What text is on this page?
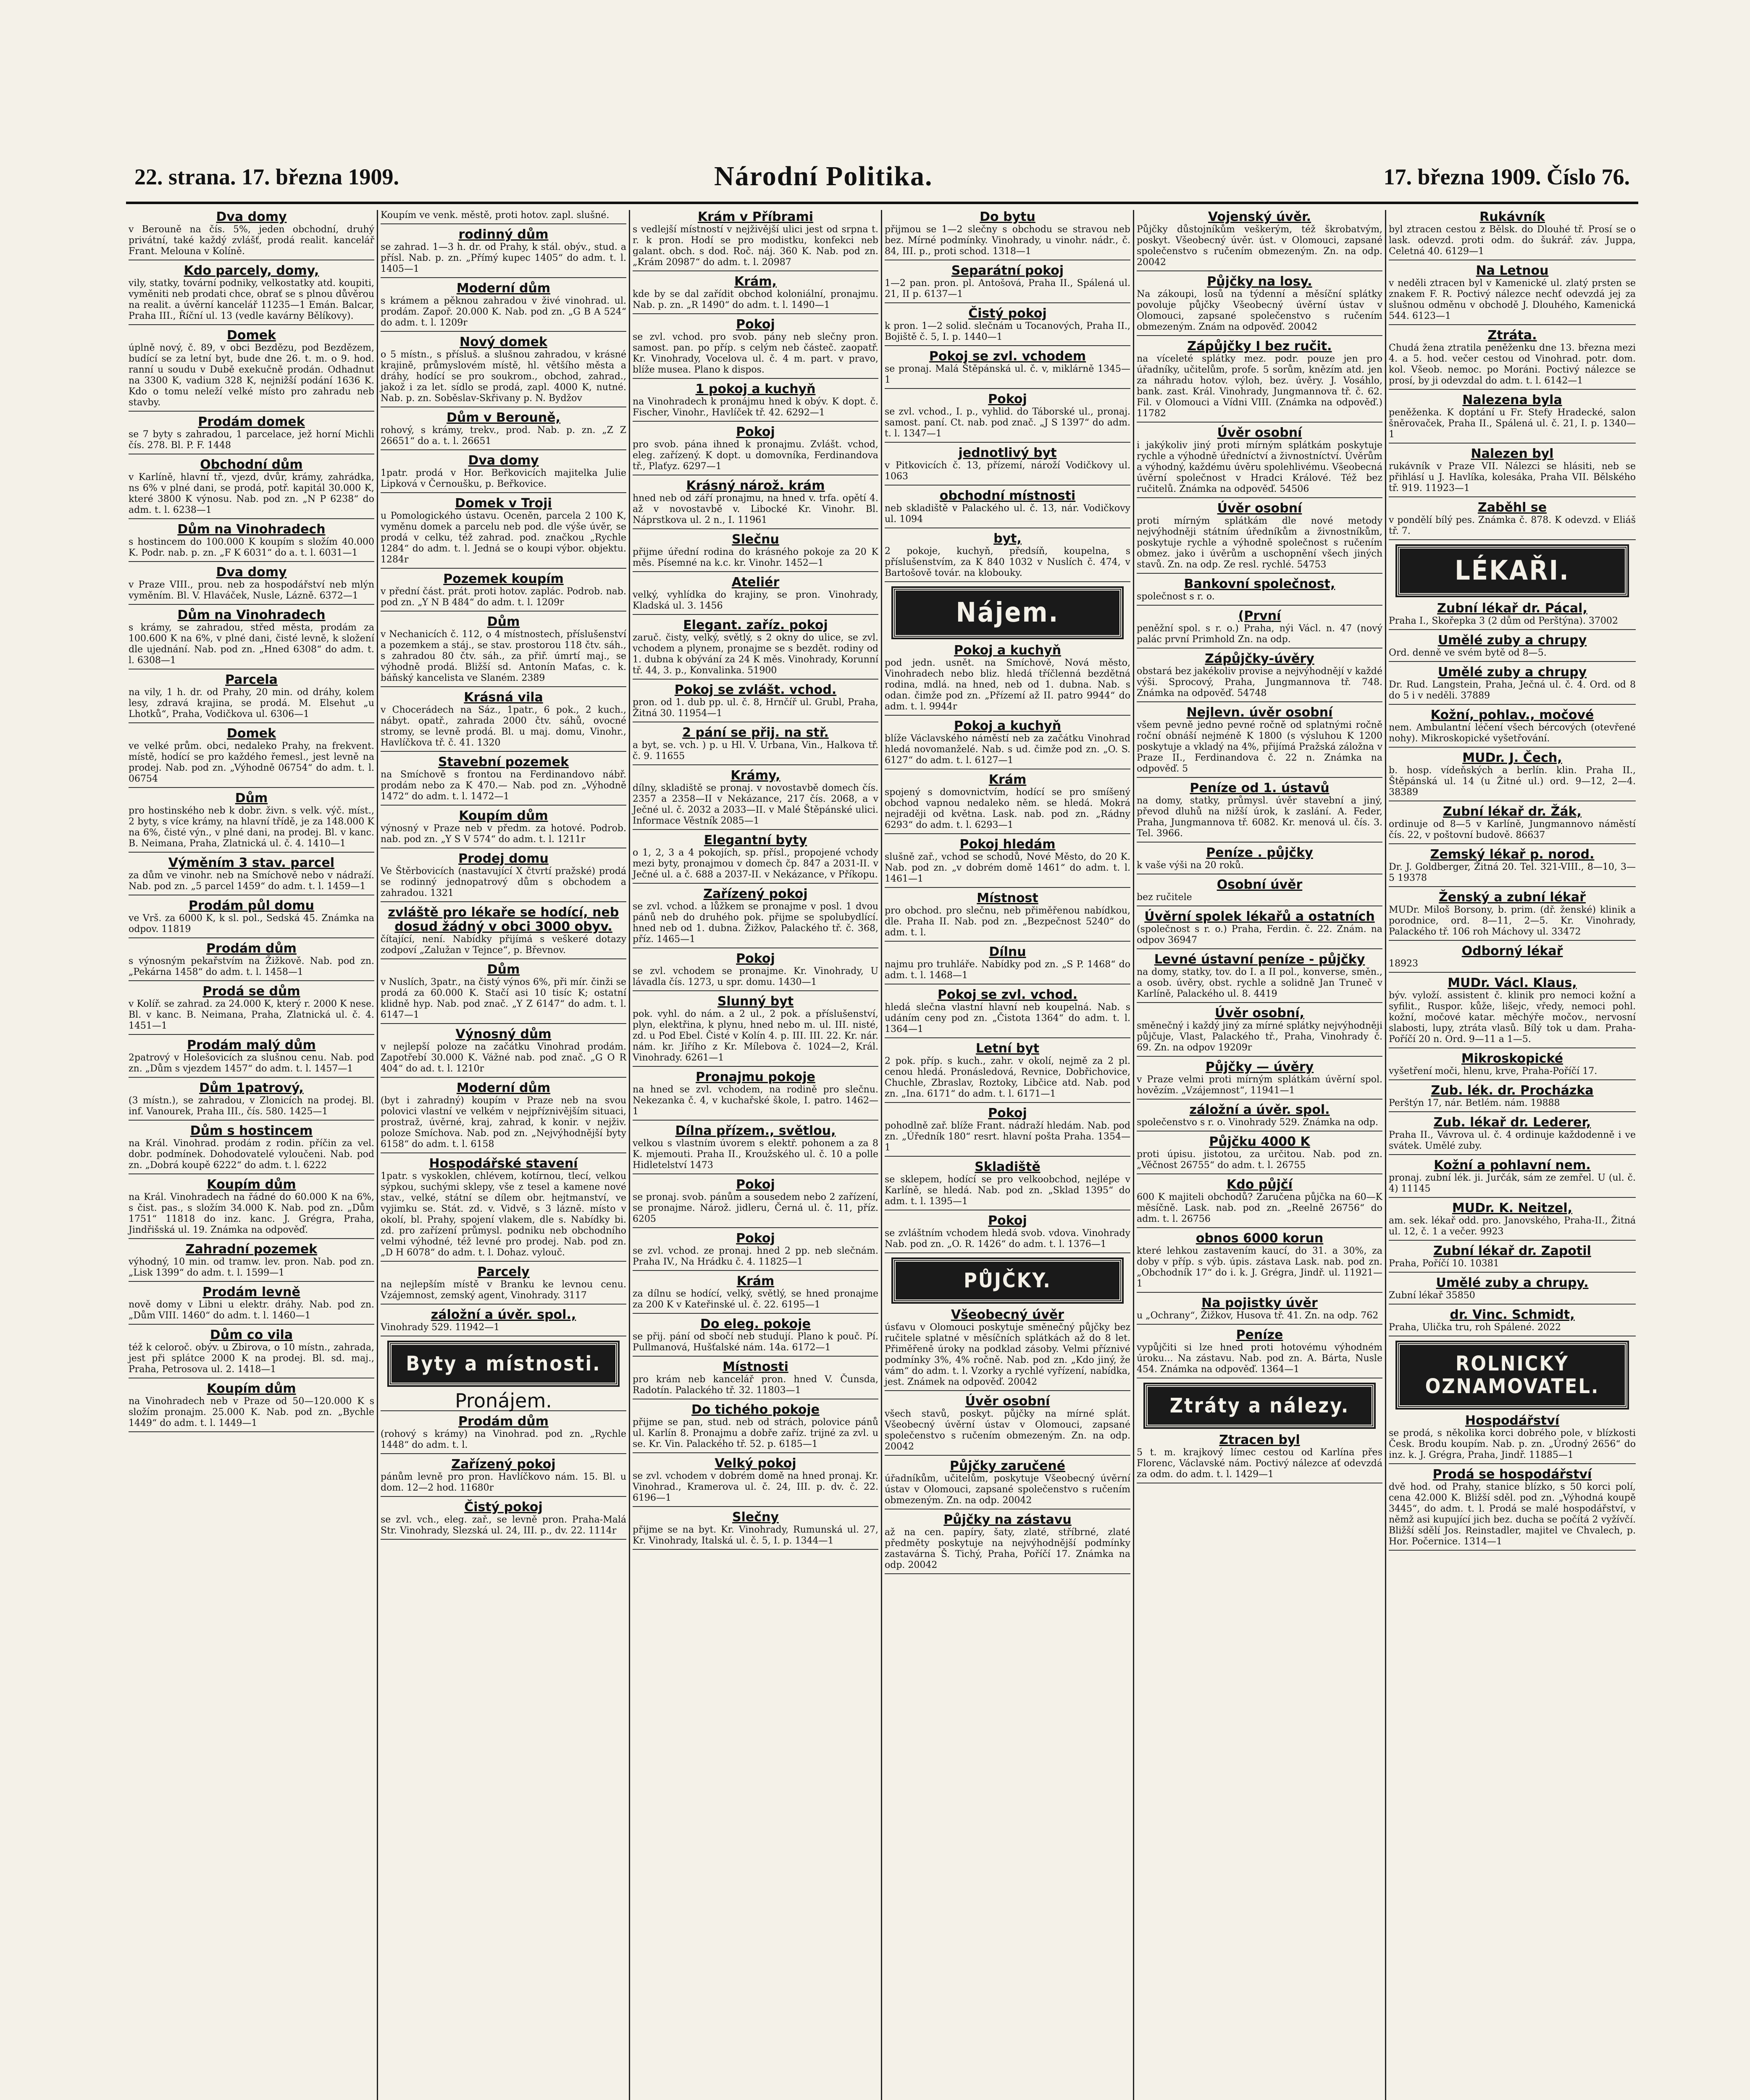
22. strana. 17. března 1909.	Národní Politika.	17. března 1909. Číslo 76.
Dva domy
v Berouně na čís. 5%, jeden obchodní, druhý privátní, také každý zvlášť, prodá realit. kancelář Frant. Melouna v Kolíně.
Kdo parcely, domy,
vily, statky, tovární podniky, velkostatky atd. koupiti, vyměniti neb prodati chce, obrať se s plnou důvěrou na realit. a úvěrní kancelář 11235—1 Emán. Balcar, Praha III., Říční ul. 13 (vedle kavárny Bělíkovy).
Domek
úplně nový, č. 89, v obci Bezdězu, pod Bezdězem, budící se za letní byt, bude dne 26. t. m. o 9. hod. ranní u soudu v Dubě exekučně prodán. Odhadnut na 3300 K, vadium 328 K, nejnižší podání 1636 K. Kdo o tomu neleží velké místo pro zahradu neb stavby.
Prodám domek
se 7 byty s zahradou, 1 parcelace, jež horní Michli čís. 278. Bl. P. F. 1448
Obchodní dům
v Karlíně, hlavní tř., vjezd, dvůr, krámy, zahrádka, ns 6% v plné dani, se prodá, potř. kapitál 30.000 K, které 3800 K výnosu. Nab. pod zn. „N P 6238“ do adm. t. l. 6238—1
Dům na Vinohradech
s hostincem do 100.000 K koupím s složím 40.000 K. Podr. nab. p. zn. „F K 6031“ do a. t. l. 6031—1
Dva domy
v Praze VIII., prou. neb za hospodářství neb mlýn vyměním. Bl. V. Hlaváček, Nusle, Lázně. 6372—1
Dům na Vinohradech
s krámy, se zahradou, střed města, prodám za 100.600 K na 6%, v plné dani, čisté levně, k složení dle ujednání. Nab. pod zn. „Hned 6308“ do adm. t. l. 6308—1
Parcela
na vily, 1 h. dr. od Prahy, 20 min. od dráhy, kolem lesy, zdravá krajina, se prodá. M. Elsehut „u Lhotků“, Praha, Vodičkova ul. 6306—1
Domek
ve velké prům. obci, nedaleko Prahy, na frekvent. místě, hodící se pro každého řemesl., jest levně na prodej. Nab. pod zn. „Výhodně 06754“ do adm. t. l. 06754
Dům
pro hostinského neb k dobr. živn. s velk. výč. míst., 2 byty, s více krámy, na hlavní třídě, je za 148.000 K na 6%, čisté výn., v plné dani, na prodej. Bl. v kanc. B. Neimana, Praha, Zlatnická ul. č. 4. 1410—1
Výměním 3 stav. parcel
za dům ve vinohr. neb na Smíchově nebo v nádraží. Nab. pod zn. „5 parcel 1459“ do adm. t. l. 1459—1
Prodám půl domu
ve Vrš. za 6000 K, k sl. pol., Sedská 45. Známka na odpov. 11819
Prodám dům
s výnosným pekařstvím na Žižkově. Nab. pod zn. „Pekárna 1458“ do adm. t. l. 1458—1
Prodá se dům
v Kolíř. se zahrad. za 24.000 K, který r. 2000 K nese. Bl. v kanc. B. Neimana, Praha, Zlatnická ul. č. 4. 1451—1
Prodám malý dům
2patrový v Holešovicích za slušnou cenu. Nab. pod zn. „Dům s vjezdem 1457“ do adm. t. l. 1457—1
Dům 1patrový,
(3 místn.), se zahradou, v Zlonicích na prodej. Bl. inf. Vanourek, Praha III., čís. 580. 1425—1
Dům s hostincem
na Král. Vinohrad. prodám z rodin. příčin za vel. dobr. podmínek. Dohodovatelé vyloučeni. Nab. pod zn. „Dobrá koupě 6222“ do adm. t. l. 6222
Koupím dům
na Král. Vinohradech na řádné do 60.000 K na 6%, s čist. pas., s složím 34.000 K. Nab. pod zn. „Dům 1751“ 11818 do inz. kanc. J. Grégra, Praha, Jindřišská ul. 19. Známka na odpověď.
Zahradní pozemek
výhodný, 10 min. od tramw. lev. pron. Nab. pod zn. „Lisk 1399“ do adm. t. l. 1599—1
Prodám levně
nově domy v Libni u elektr. dráhy. Nab. pod zn. „Dům VIII. 1460“ do adm. t. l. 1460—1
Dům co vila
též k celoroč. obýv. u Zbirova, o 10 místn., zahrada, jest při splátce 2000 K na prodej. Bl. sd. maj., Praha, Petrosova ul. 2. 1418—1
Koupím dům
na Vinohradech neb v Praze od 50—120.000 K s složím pronajm. 25.000 K. Nab. pod zn. „Bychle 1449“ do adm. t. l. 1449—1
Koupím ve venk. městě, proti hotov. zapl. slušné.
rodinný dům
se zahrad. 1—3 h. dr. od Prahy, k stál. obýv., stud. a přísl. Nab. p. zn. „Přímý kupec 1405“ do adm. t. l. 1405—1
Moderní dům
s krámem a pěknou zahradou v živé vinohrad. ul. prodám. Zapoř. 20.000 K. Nab. pod zn. „G B A 524“ do adm. t. l. 1209r
Nový domek
o 5 místn., s přísluš. a slušnou zahradou, v krásné krajině, průmyslovém místě, hl. většího města a dráhy, hodící se pro soukrom., obchod, zahrad., jakož i za let. sídlo se prodá, zapl. 4000 K, nutné. Nab. p. zn. Soběslav-Skřivany p. N. Bydžov
Dům v Berouně,
rohový, s krámy, trekv., prod. Nab. p. zn. „Z Z 26651“ do a. t. l. 26651
Dva domy
1patr. prodá v Hor. Beřkovicích majitelka Julie Lipková v Černoušku, p. Beřkovice.
Domek v Troji
u Pomologického ústavu. Oceněn, parcela 2 100 K, vyměnu domek a parcelu neb pod. dle výše úvěr, se prodá v celku, též zahrad. pod. značkou „Rychle 1284“ do adm. t. l. Jedná se o koupi výbor. objektu. 1284r
Pozemek koupím
v přední část. prát. proti hotov. zaplác. Podrob. nab. pod zn. „Y N B 484“ do adm. t. l. 1209r
Dům
v Nechanicích č. 112, o 4 místnostech, příslušenství a pozemkem a stáj., se stav. prostorou 118 čtv. sáh., s zahradou 80 čtv. sáh., za přiř. úmrtí maj., se výhodně prodá. Bližší sd. Antonín Maťas, c. k. báňský kancelista ve Slaném. 2389
Krásná vila
v Chocerádech na Sáz., 1patr., 6 pok., 2 kuch., nábyt. opatř., zahrada 2000 čtv. sáhů, ovocné stromy, se levně prodá. Bl. u maj. domu, Vinohr., Havlíčkova tř. č. 41. 1320
Stavební pozemek
na Smíchově s frontou na Ferdinandovo nábř. prodám nebo za K 470.— Nab. pod zn. „Výhodně 1472“ do adm. t. l. 1472—1
Koupím dům
výnosný v Praze neb v předm. za hotové. Podrob. nab. pod zn. „Y S V 574“ do adm. t. l. 1211r
Prodej domu
Ve Štěrbovicích (nastavující X čtvrtí pražské) prodá se rodinný jednopatrový dům s obchodem a zahradou. 1321
zvláště pro lékaře se hodící, neb dosud žádný v obci 3000 obyv.
čítající, není. Nabídky přijímá s veškeré dotazy zodpoví „Zalužan v Tejnce“, p. Břevnov.
Dům
v Nuslích, 3patr., na čistý výnos 6%, při mír. činži se prodá za 60.000 K. Stačí asi 10 tisíc K; ostatní klidně hyp. Nab. pod znač. „Y Z 6147“ do adm. t. l. 6147—1
Výnosný dům
v nejlepší poloze na začátku Vinohrad prodám. Zapotřebí 30.000 K. Vážné nab. pod znač. „G O R 404“ do ad. t. l. 1210r
Moderní dům
(byt i zahradný) koupím v Praze neb na svou polovici vlastní ve velkém v nejpříznivějším situaci, prostraž, úvěrné, kraj, zahrad, k konir. v nejživ. poloze Smíchova. Nab. pod zn. „Nejvýhodnější byty 6158“ do adm. t. l. 6158
Hospodářské stavení
1patr. s vyskoklen, chlévem, kotírnou, tlecí, velkou sýpkou, suchými sklepy, vše z tesel a kamene nové stav., velké, státní se dílem obr. hejtmanství, ve vyjimku se. Stát. zd. v. Vidvě, s 3 lázně. místo v okolí, bl. Prahy, spojení vlakem, dle s. Nabídky bi. zd. pro zařízení průmysl. podniku neb obchodního velmi výhodné, též levné pro prodej. Nab. pod zn. „D H 6078“ do adm. t. l. Dohaz. vylouč.
Parcely
na nejlepším místě v Branku ke levnou cenu. Vzájemnost, zemský agent, Vinohrady. 3117
záložní a úvěr. spol.,
Vinohrady 529. 11942—1
Byty a místnosti.
Pronájem.
Prodám dům
(rohový s krámy) na Vinohrad. pod zn. „Rychle 1448“ do adm. t. l.
Zařízený pokoj
pánům levně pro pron. Havlíčkovo nám. 15. Bl. u dom. 12—2 hod. 11680r
Čistý pokoj
se zvl. vch., eleg. zař., se levně pron. Praha-Malá Str. Vinohrady, Slezská ul. 24, III. p., dv. 22. 1114r
Krám v Příbrami
s vedlejší místností v nejživější ulici jest od srpna t. r. k pron. Hodí se pro modistku, konfekci neb galant. obch. s dod. Roč. náj. 360 K. Nab. pod zn. „Krám 20987“ do adm. t. l. 20987
Krám,
kde by se dal zařídit obchod koloniální, pronajmu. Nab. p. zn. „R 1490“ do adm. t. l. 1490—1
Pokoj
se zvl. vchod. pro svob. pány neb slečny pron. samost. pan. po příp. s celým neb částeč. zaopatř. Kr. Vinohrady, Vocelova ul. č. 4 m. part. v pravo, blíže musea. Plano k dispos.
1 pokoj a kuchyň
na Vinohradech k pronájmu hned k obýv. K dopt. č. Fischer, Vinohr., Havlíček tř. 42. 6292—1
Pokoj
pro svob. pána ihned k pronajmu. Zvlášt. vchod, eleg. zařízený. K dopt. u domovníka, Ferdinandova tř., Plaťyz. 6297—1
Krásný nárož. krám
hned neb od září pronajmu, na hned v. trfa. opětí 4. až v novostavbě v. Libocké Kr. Vinohr. Bl. Náprstkova ul. 2 n., I. 11961
Slečnu
přijme úřední rodina do krásného pokoje za 20 K měs. Písemné na k.c. kr. Vinohr. 1452—1
Ateliér
velký, vyhlídka do krajiny, se pron. Vinohrady, Kladská ul. 3. 1456
Elegant. zaříz. pokoj
zaruč. čisty, velký, světlý, s 2 okny do ulice, se zvl. vchodem a plynem, pronajme se s bezdět. rodiny od 1. dubna k obývání za 24 K měs. Vinohrady, Korunní tř. 44, 3. p., Konvalinka. 51900
Pokoj se zvlášt. vchod.
pron. od 1. dub pp. ul. č. 8, Hrnčíř ul. Grubl, Praha, Žitná 30. 11954—1
2 pání se přij. na stř.
a byt, se. vch. ) p. u Hl. V. Urbana, Vin., Halkova tř. č. 9. 11655
Krámy,
dílny, skladiště se pronaj. v novostavbě domech čís. 2357 a 2358—II v Nekázance, 217 čís. 2068, a v Ječné ul. č. 2032 a 2033—II. v Malé Štěpánské ulici. Informace Věstník 2085—1
Elegantní byty
o 1, 2, 3 a 4 pokojích, sp. přísl., propojené vchody mezi byty, pronajmou v domech čp. 847 a 2031-II. v Ječné ul. a č. 688 a 2037-II. v Nekázance, v Příkopu.
Zařízený pokoj
se zvl. vchod. a lůžkem se pronajme v posl. 1 dvou pánů neb do druhého pok. přijme se spolubydlící. hned neb od 1. dubna. Žižkov, Palackého tř. č. 368, příz. 1465—1
Pokoj
se zvl. vchodem se pronajme. Kr. Vinohrady, U lávadla čís. 1273, u spr. domu. 1430—1
Slunný byt
pok. vyhl. do nám. a 2 ul., 2 pok. a příslušenství, plyn, elektřina, k plynu, hned nebo m. ul. III. nisté, zd. u Pod Ebel. Čisté v Kolín 4. p. III. III. 22. Kr. nár. nám. kr. Jiřího z Kr. Mílebova č. 1024—2, Král. Vinohrady. 6261—1
Pronajmu pokoje
na hned se zvl. vchodem, na rodině pro slečnu. Nekezanka č. 4, v kuchařské škole, I. patro. 1462—1
Dílna přízem., světlou,
velkou s vlastním úvorem s elektř. pohonem a za 8 K. mjemouti. Praha II., Kroužského ul. č. 10 a polle Hidletelství 1473
Pokoj
se pronaj. svob. pánům a sousedem nebo 2 zařízení, se pronajme. Nárož. jidleru, Černá ul. č. 11, příz. 6205
Pokoj
se zvl. vchod. ze pronaj. hned 2 pp. neb slečnám. Praha IV., Na Hrádku č. 4. 11825—1
Krám
za dílnu se hodící, velký, světlý, se hned pronajme za 200 K v Kateřinské ul. č. 22. 6195—1
Do eleg. pokoje
se přij. pání od sbočí neb studují. Plano k pouč. Pí. Pullmanová, Hušťalské nám. 14a. 6172—1
Místnosti
pro krám neb kancelář pron. hned V. Čunsda, Radotín. Palackého tř. 32. 11803—1
Do tichého pokoje
přijme se pan, stud. neb od strách, polovice pánů ul. Karlín 8. Pronajmu a dobře zaříz. trijné za zvl. u se. Kr. Vin. Palackého tř. 52. p. 6185—1
Velký pokoj
se zvl. vchodem v dobrém domě na hned pronaj. Kr. Vinohrad., Kramerova ul. č. 24, III. p. dv. č. 22. 6196—1
Slečny
přijme se na byt. Kr. Vinohrady, Rumunská ul. 27, Kr. Vinohrady, Italská ul. č. 5, I. p. 1344—1
Do bytu
přijmou se 1—2 slečny s obchodu se stravou neb bez. Mírné podmínky. Vinohrady, u vinohr. nádr., č. 84, III. p., proti schod. 1318—1
Separátní pokoj
1—2 pan. pron. pl. Antošová, Praha II., Spálená ul. 21, II p. 6137—1
Čistý pokoj
k pron. 1—2 solid. slečnám u Tocanových, Praha II., Bojiště č. 5, I. p. 1440—1
Pokoj se zvl. vchodem
se pronaj. Malá Štěpánská ul. č. v, miklárně 1345—1
Pokoj
se zvl. vchod., I. p., vyhlid. do Táborské ul., pronaj. samost. paní. Ct. nab. pod znač. „J S 1397“ do adm. t. l. 1347—1
jednotlivý byt
v Pitkovicích č. 13, přízemí, nároží Vodičkovy ul. 1063
obchodní místnosti
neb skladiště v Palackého ul. č. 13, nár. Vodičkovy ul. 1094
byt,
2 pokoje, kuchyň, předsíň, koupelna, s příslušenstvím, za K 840 1032 v Nuslích č. 474, v Bartošově továr. na klobouky.
Nájem.
Pokoj a kuchyň
pod jedn. usnět. na Smíchově, Nová město, Vinohradech nebo bliz. hledá tříčlenná bezdětná rodina, mdlá. na hned, neb od 1. dubna. Nab. s odan. čimže pod zn. „Přízemí až II. patro 9944“ do adm. t. l. 9944r
Pokoj a kuchyň
blíže Václavského náměstí neb za začátku Vinohrad hledá novomanželé. Nab. s ud. čimže pod zn. „O. S. 6127“ do adm. t. l. 6127—1
Krám
spojený s domovnictvím, hodící se pro smíšený obchod vapnou nedaleko něm. se hledá. Mokrá nejraději od května. Lask. nab. pod zn. „Rádny 6293“ do adm. t. l. 6293—1
Pokoj hledám
slušně zař., vchod se schodů, Nové Město, do 20 K. Nab. pod zn. „v dobrém domě 1461“ do adm. t. l. 1461—1
Místnost
pro obchod. pro slečnu, neb přiměřenou nabídkou, dle. Praha II. Nab. pod zn. „Bezpečnost 5240“ do adm. t. l.
Dílnu
najmu pro truhláře. Nabídky pod zn. „S P. 1468“ do adm. t. l. 1468—1
Pokoj se zvl. vchod.
hledá slečna vlastní hlavní neb koupelná. Nab. s udáním ceny pod zn. „Čistota 1364“ do adm. t. l. 1364—1
Letní byt
2 pok. příp. s kuch., zahr. v okolí, nejmě za 2 pl. cenou hledá. Pronásledová, Revnice, Dobřichovice, Chuchle, Zbraslav, Roztoky, Libčice atd. Nab. pod zn. „Ina. 6171“ do adm. t. l. 6171—1
Pokoj
pohodlně zař. blíže Frant. nádraží hledám. Nab. pod zn. „Úředník 180“ resrt. hlavní pošta Praha. 1354—1
Skladiště
se sklepem, hodící se pro velkoobchod, nejlépe v Karlíně, se hledá. Nab. pod zn. „Sklad 1395“ do adm. t. l. 1395—1
Pokoj
se zvláštním vchodem hledá svob. vdova. Vinohrady Nab. pod zn. „O. R. 1426“ do adm. t. l. 1376—1
PŮJČKY.
Všeobecný úvěr
úsťavu v Olomouci poskytuje směnečný půjčky bez ručitele splatné v měsíčních splátkách až do 8 let. Přiměřeně úroky na podklad zásoby. Velmi příznivé podmínky 3%, 4% ročně. Nab. pod zn. „Kdo jiný, že vám“ do adm. t. l. Vzorky a rychlé vyřízení, nabídka, jest. Známek na odpověď. 20042
Úvěr osobní
všech stavů, poskyt. půjčky na mírné splát. Všeobecný úvěrní ústav v Olomouci, zapsané společenstvo s ručením obmezeným. Zn. na odp. 20042
Půjčky zaručené
úřadníkům, učitelům, poskytuje Všeobecný úvěrní ústav v Olomouci, zapsané společenstvo s ručením obmezeným. Zn. na odp. 20042
Půjčky na zástavu
až na cen. papíry, šaty, zlaté, stříbrné, zlaté předměty poskytuje na nejvýhodnější podmínky zastavárna Š. Tichý, Praha, Poříčí 17. Známka na odp. 20042
Vojenský úvěr.
Půjčky důstojníkům veškerým, též škrobatvým, poskyt. Všeobecný úvěr. úst. v Olomouci, zapsané společenstvo s ručením obmezeným. Zn. na odp. 20042
Půjčky na losy.
Na zákoupi, losů na týdenní a měsíční splátky povoluje půjčky Všeobecný úvěrní ústav v Olomouci, zapsané společenstvo s ručením obmezeným. Znám na odpověď. 20042
Zápůjčky I bez ručit.
na víceleté splátky mez. podr. pouze jen pro úřadníky, učitelům, profe. 5 sorům, knězím atd. jen za náhradu hotov. výloh, bez. úvěry. J. Vosáhlo, bank. zast. Král. Vinohrady, Jungmannova tř. č. 62. Fil. v Olomouci a Vídni VIII. (Známka na odpověď.) 11782
Úvěr osobní
i jakýkoliv jiný proti mírným splátkám poskytuje rychle a výhodně úředníctví a živnostníctví. Úvěrům a výhodný, každému úvěru spolehlivému. Všeobecná úvěrní společnost v Hradci Králové. Též bez ručitelů. Známka na odpověď. 54506
Úvěr osobní
proti mírným splátkám dle nové metody nejvýhodněji státním úředníkům a živnostníkům, poskytuje rychle a výhodně společnost s ručením obmez. jako i úvěrům a uschopnění všech jiných stavů. Zn. na odp. Ze resl. rychlé. 54753
Bankovní společnost,
společnost s r. o.
(První
peněžní spol. s r. o.) Praha, nýi Václ. n. 47 (nový palác první Primhold Zn. na odp.
Zápůjčky-úvěry
obstará bez jakékoliv provise a nejvýhodnějí v každé výši. Sprocový, Praha, Jungmannova tř. 748. Známka na odpověď. 54748
Nejlevn. úvěr osobní
všem pevně jedno pevné ročně od splatnými ročně roční obnáší nejméně K 1800 (s výsluhou K 1200 poskytuje a vkladý na 4%, přijímá Pražská záložna v Praze II., Ferdinandova č. 22 n. Známka na odpověď. 5
Peníze od 1. ústavů
na domy, statky, průmysl. úvěr stavební a jiný, převod dluhů na nižší úrok, k zaslání. A. Feder, Praha, Jungmannova tř. 6082. Kr. menová ul. čís. 3. Tel. 3966.
Peníze . půjčky
k vaše výši na 20 roků.
Osobní úvěr
bez ručitele
Úvěrní spolek lékařů a ostatních
(společnost s r. o.) Praha, Ferdin. č. 22. Znám. na odpov 36947
Levné ústavní peníze - půjčky
na domy, statky, tov. do I. a II pol., konverse, směn., a osob. úvěry, obst. rychle a solidně Jan Truneč v Karlíně, Palackého ul. 8. 4419
Úvěr osobní,
směnečný i každý jiný za mírné splátky nejvýhodněji půjčuje, Vlast, Palackého tř., Praha, Vinohrady č. 69. Zn. na odpov 19209r
Půjčky — úvěry
v Praze velmi proti mírným splátkám úvěrní spol. hovězím. „Vzájemnost“, 11941—1
záložní a úvěr. spol.
společenstvo s r. o. Vinohrady 529. Známka na odp.
Půjčku 4000 K
proti úpisu. jistotou, za určitou. Nab. pod zn. „Věčnost 26755“ do adm. t. l. 26755
Kdo půjčí
600 K majiteli obchodů? Zaručena půjčka na 60—K měsíčně. Lask. nab. pod zn. „Reelně 26756“ do adm. t. l. 26756
obnos 6000 korun
které lehkou zastavením kaucí, do 31. a 30%, za doby v příp. s výb. úpis. zástava Lask. nab. pod zn. „Obchodník 17“ do i. k. J. Grégra, Jindř. ul. 11921—1
Na pojistky úvěr
u „Ochrany“, Žižkov, Husova tř. 41. Zn. na odp. 762
Peníze
vypůjčiti si lze hned proti hotovému výhodném úroku... Na zástavu. Nab. pod zn. A. Bárta, Nusle 454. Známka na odpověď. 1364—1
Ztráty a nálezy.
Ztracen byl
5 t. m. krajkový límec cestou od Karlína přes Florenc, Václavské nám. Poctivý nálezce ať odevzdá za odm. do adm. t. l. 1429—1
Rukávník
byl ztracen cestou z Bělsk. do Dlouhé tř. Prosí se o lask. odevzd. proti odm. do šukrář. záv. Juppa, Celetná 40. 6129—1
Na Letnou
v neděli ztracen byl v Kamenické ul. zlatý prsten se znakem F. R. Poctivý nálezce nechť odevzdá jej za slušnou odměnu v obchodě J. Dlouhého, Kamenická 544. 6123—1
Ztráta.
Chudá žena ztratila peněženku dne 13. března mezi 4. a 5. hod. večer cestou od Vinohrad. potr. dom. kol. Všeob. nemoc. po Moráni. Poctivý nálezce se prosí, by ji odevzdal do adm. t. l. 6142—1
Nalezena byla
peněženka. K doptání u Fr. Stefy Hradecké, salon šněrovaček, Praha II., Spálená ul. č. 21, I. p. 1340—1
Nalezen byl
rukávník v Praze VII. Nálezci se hlásiti, neb se přihlásí u J. Havlíka, kolesáka, Praha VII. Bělského tř. 919. 11923—1
Zaběhl se
v pondělí bílý pes. Známka č. 878. K odevzd. v Eliáš tř. 7.
LÉKAŘI.
Zubní lékař dr. Pácal,
Praha I., Skořepka 3 (2 dům od Perštýna). 37002
Umělé zuby a chrupy
Ord. denně ve svém bytě od 8—5.
Umělé zuby a chrupy
Dr. Rud. Langstein, Praha, Ječná ul. č. 4. Ord. od 8 do 5 i v neděli. 37889
Kožní, pohlav., močové
nem. Ambulantní léčení všech bércových (otevřené nohy). Mikroskopické vyšetřování.
MUDr. J. Čech,
b. hosp. vídeňských a berlín. klin. Praha II., Štěpánská ul. 14 (u Žitné ul.) ord. 9—12, 2—4. 38389
Zubní lékař dr. Žák,
ordinuje od 8—5 v Karlíně, Jungmannovo náměstí čís. 22, v poštovní budově. 86637
Zemský lékař p. norod.
Dr. J. Goldberger, Žitná 20. Tel. 321-VIII., 8—10, 3—5 19378
Ženský a zubní lékař
MUDr. Miloš Borsony, b. prim. (dř. ženské) klinik a porodnice, ord. 8—11, 2—5. Kr. Vinohrady, Palackého tř. 106 roh Máchovy ul. 33472
Odborný lékař
18923
MUDr. Václ. Klaus,
býv. vyloží. assistent č. klinik pro nemoci kožní a syfilit., Ruspor. kůže, lišejc, vředy, nemoci pohl. kožní, močové katar. měchýře močov., nervosní slabosti, lupy, ztráta vlasů. Bílý tok u dam. Praha-Poříčí 20 n. Ord. 9—11 a 1—5.
Mikroskopické
vyšetření moči, hlenu, krve, Praha-Poříčí 17.
Zub. lék. dr. Procházka
Perštýn 17, nár. Betlém. nám. 19888
Zub. lékař dr. Lederer,
Praha II., Vávrova ul. č. 4 ordinuje každodenně i ve svátek. Umělé zuby.
Kožní a pohlavní nem.
pronaj. zubní lék. ji. Jurčák, sám ze zemřel. U (ul. č. 4) 11145
MUDr. K. Neitzel,
am. sek. lékař odd. pro. Janovského, Praha-II., Žitná ul. 12, č. 1 a večer. 9923
Zubní lékař dr. Zapotil
Praha, Poříčí 10. 10381
Umělé zuby a chrupy.
Zubní lékař 35850
dr. Vinc. Schmidt,
Praha, Ulička tru, roh Spálené. 2022
ROLNICKÝ OZNAMOVATEL.
Hospodářství
se prodá, s několika korci dobrého pole, v blízkosti Česk. Brodu koupím. Nab. p. zn. „Úrodný 2656“ do inz. k. J. Grégra, Praha, Jindř. 11885—1
Prodá se hospodářství
dvě hod. od Prahy, stanice blízko, s 50 korci polí, cena 42.000 K. Bližší sděl. pod zn. „Výhodná koupě 3445“, do adm. t. l. Prodá se malé hospodářství, v němž asi kupující jich bez. ducha se počítá 2 vyžívčí. Bližší sdělí Jos. Reinstadler, majitel ve Chvalech, p. Hor. Počernice. 1314—1
